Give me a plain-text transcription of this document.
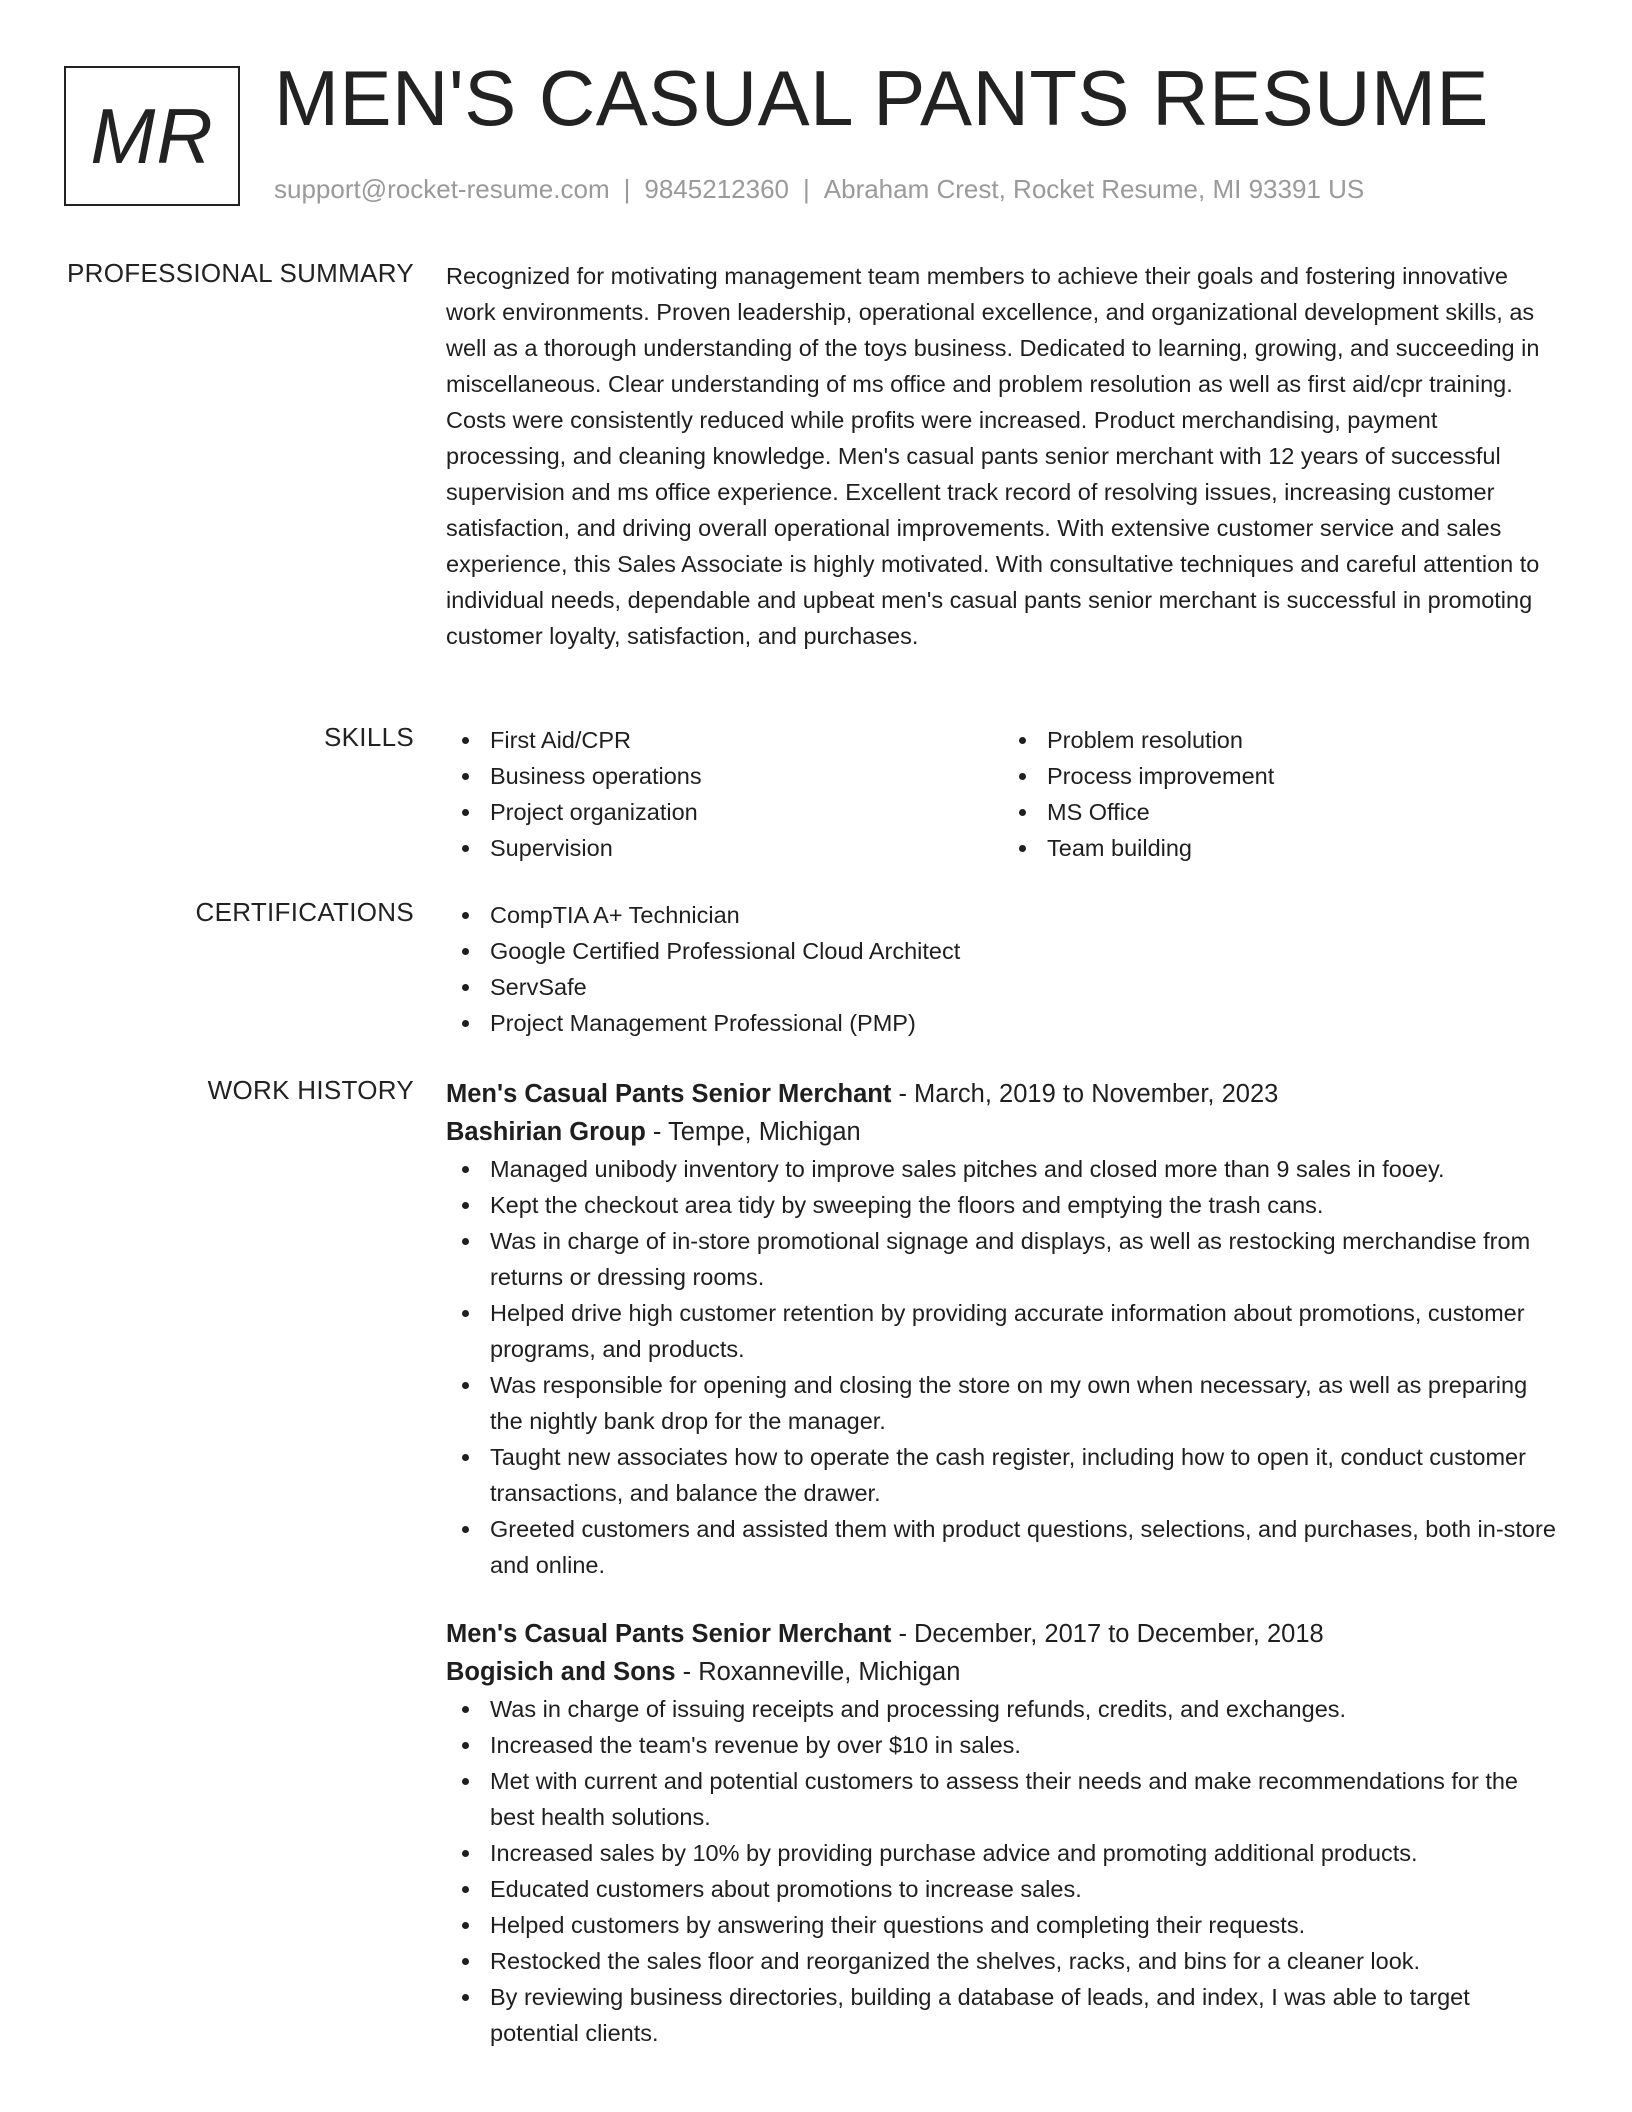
MR MEN'S CASUAL PANTS RESUME
support@rocket-resume.com | 9845212360 | Abraham Crest, Rocket Resume, MI 93391 US
PROFESSIONAL SUMMARY Recognized for motivating management team members to achieve their goals and fostering innovative work environments. Proven leadership, operational excellence, and organizational development skills, as well as a thorough understanding of the toys business. Dedicated to learning, growing, and succeeding in miscellaneous. Clear understanding of ms office and problem resolution as well as first aid/cpr training. Costs were consistently reduced while profits were increased. Product merchandising, payment processing, and cleaning knowledge. Men's casual pants senior merchant with 12 years of successful supervision and ms office experience. Excellent track record of resolving issues, increasing customer satisfaction, and driving overall operational improvements. With extensive customer service and sales experience, this Sales Associate is highly motivated. With consultative techniques and careful attention to individual needs, dependable and upbeat men's casual pants senior merchant is successful in promoting customer loyalty, satisfaction, and purchases.

SKILLS	First Aid/CPR
Business operations
Project organization
Supervision
Problem resolution
Process improvement
MS Office
Team building
CERTIFICATIONS	CompTIA A+ Technician
Google Certified Professional Cloud Architect
ServSafe
Project Management Professional (PMP)
WORK HISTORY Men's Casual Pants Senior Merchant - March, 2019 to November, 2023
Bashirian Group - Tempe, Michigan
Managed unibody inventory to improve sales pitches and closed more than 9 sales in fooey.
Kept the checkout area tidy by sweeping the floors and emptying the trash cans.
Was in charge of in-store promotional signage and displays, as well as restocking merchandise from returns or dressing rooms.
Helped drive high customer retention by providing accurate information about promotions, customer programs, and products.
Was responsible for opening and closing the store on my own when necessary, as well as preparing the nightly bank drop for the manager.
Taught new associates how to operate the cash register, including how to open it, conduct customer transactions, and balance the drawer.
Greeted customers and assisted them with product questions, selections, and purchases, both in-store and online.
Men's Casual Pants Senior Merchant - December, 2017 to December, 2018
Bogisich and Sons - Roxanneville, Michigan
Was in charge of issuing receipts and processing refunds, credits, and exchanges.
Increased the team's revenue by over $10 in sales.
Met with current and potential customers to assess their needs and make recommendations for the best health solutions.
Increased sales by 10% by providing purchase advice and promoting additional products.
Educated customers about promotions to increase sales.
Helped customers by answering their questions and completing their requests.
Restocked the sales floor and reorganized the shelves, racks, and bins for a cleaner look.
By reviewing business directories, building a database of leads, and index, I was able to target potential clients.
